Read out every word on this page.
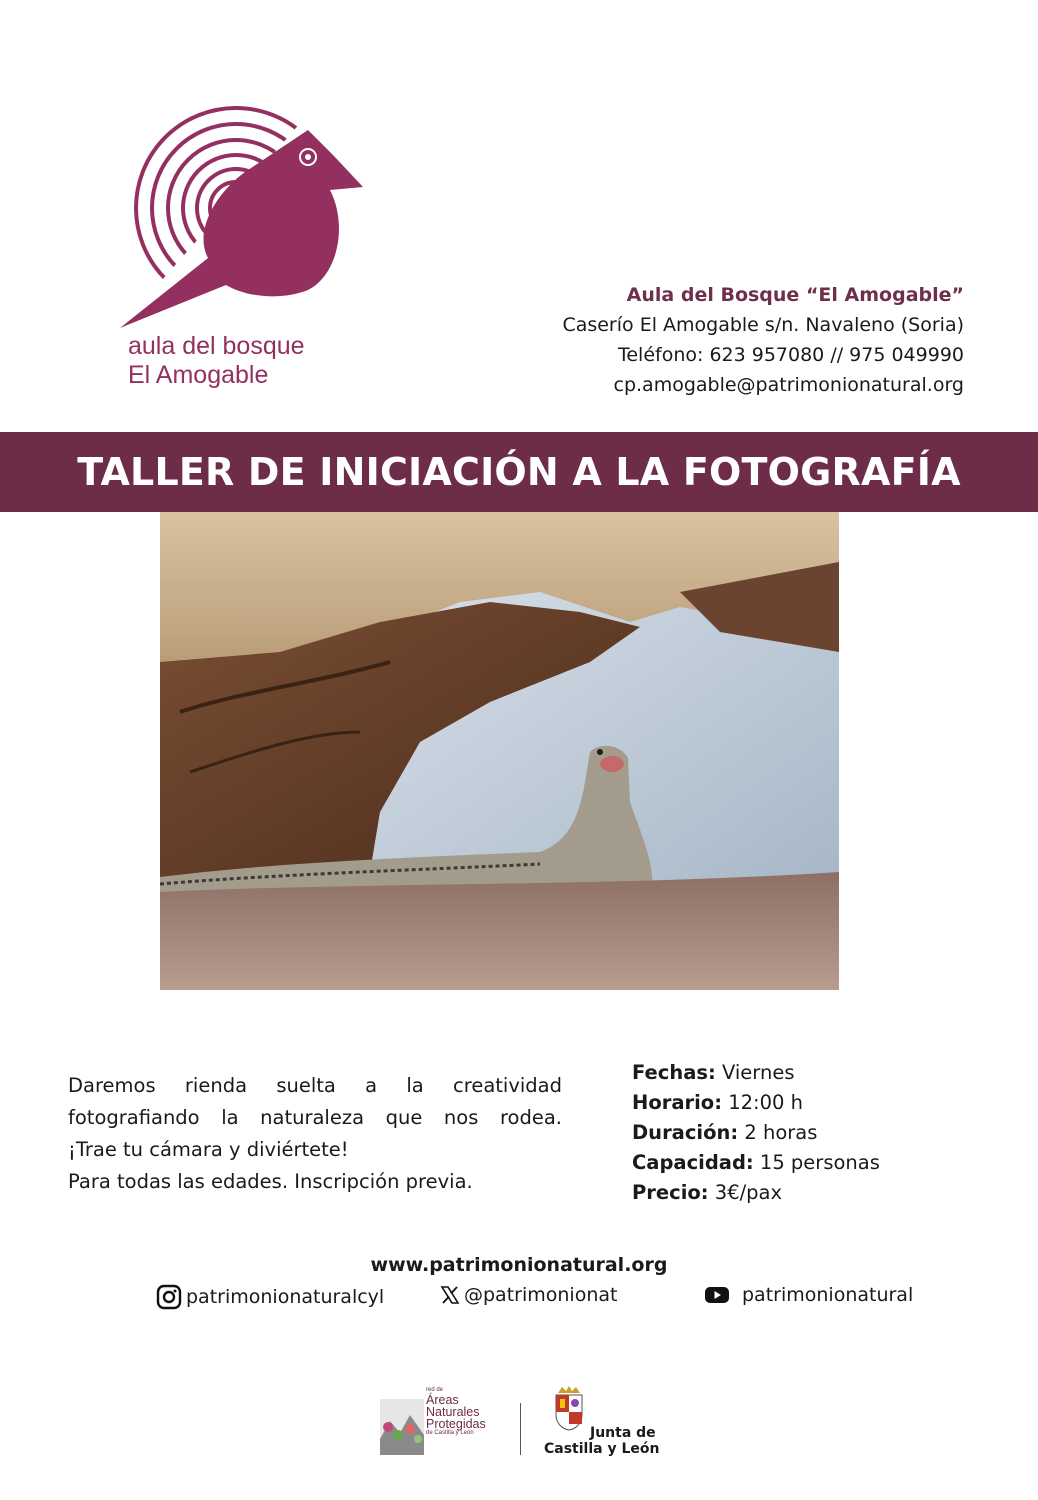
aula del bosque
El Amogable
Aula del Bosque “El Amogable”
Caserío El Amogable s/n. Navaleno (Soria)
Teléfono: 623 957080 // 975 049990
cp.amogable@patrimonionatural.org
TALLER DE INICIACIÓN A LA FOTOGRAFÍA
Daremos rienda suelta a la creatividad
fotografiando la naturaleza que nos rodea.
¡Trae tu cámara y diviértete!
Para todas las edades. Inscripción previa.
Fechas: Viernes
Horario: 12:00 h
Duración: 2 horas
Capacidad: 15 personas
Precio: 3€/pax
www.patrimonionatural.org
patrimonionaturalcyl	@patrimonionat	patrimonionatural
red de
Áreas
Naturales
Protegidas
de Castilla y León	Junta de
Castilla y León
